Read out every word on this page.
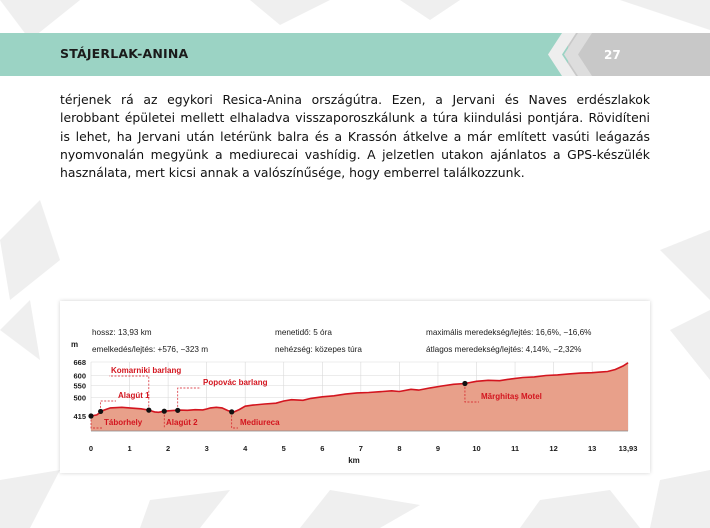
STÁJERLAK-ANINA	27
térjenek rá az egykori Resica-Anina országútra. Ezen, a Jervani és Naves erdészlakok lerobbant épületei mellett elhaladva visszaporoszkálunk a túra kiindulási pontjára. Rövidíteni is lehet, ha Jervani után letérünk balra és a Krassón átkelve a már említett vasúti leágazás nyomvonalán megyünk a mediurecai vashídig. A jelzetlen utakon ajánlatos a GPS-készülék használata, mert kicsi annak a valószínűsége, hogy emberrel találkozzunk.
hossz: 13,93 km
emelkedés/lejtés: +576, −323 m
menetidő: 5 óra
nehézség: közepes túra
maximális meredekség/lejtés: 16,6%, −16,6%
átlagos meredekség/lejtés: 4,14%, −2,32%
m
km
415
500
550
600
668
0	1	2	3	4	5	6	7	8	9	10	11	12	13	13,93
Táborhely
Alagút 1
Komarniki barlang
Alagút 2
Popovác barlang
Mediureca
Mărghitaş Motel
